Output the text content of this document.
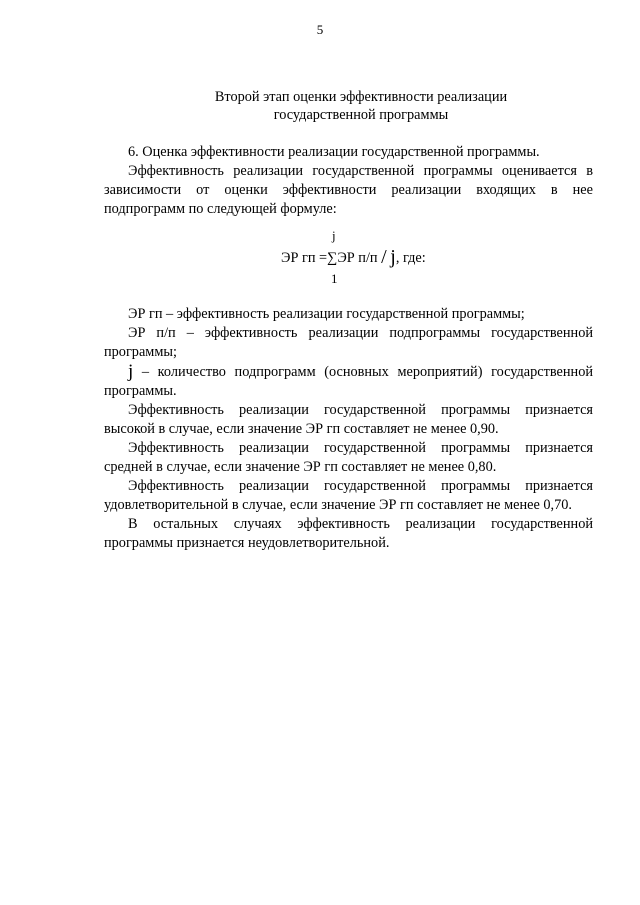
5
Второй этап оценки эффективности реализации
государственной программы

6. Оценка эффективности реализации государственной программы.

Эффективность реализации государственной программы оценивается в зависимости от оценки эффективности реализации входящих в нее подпрограмм по следующей формуле:

j
ЭР гп =∑ЭР п/п / j, где:
1

ЭР гп – эффективность реализации государственной программы;

ЭР п/п – эффективность реализации подпрограммы государственной программы;

j – количество подпрограмм (основных мероприятий) государственной программы.

Эффективность реализации государственной программы признается высокой в случае, если значение ЭР гп составляет не менее 0,90.

Эффективность реализации государственной программы признается средней в случае, если значение ЭР гп составляет не менее 0,80.

Эффективность реализации государственной программы признается удовлетворительной в случае, если значение ЭР гп составляет не менее 0,70.

В остальных случаях эффективность реализации государственной программы признается неудовлетворительной.
